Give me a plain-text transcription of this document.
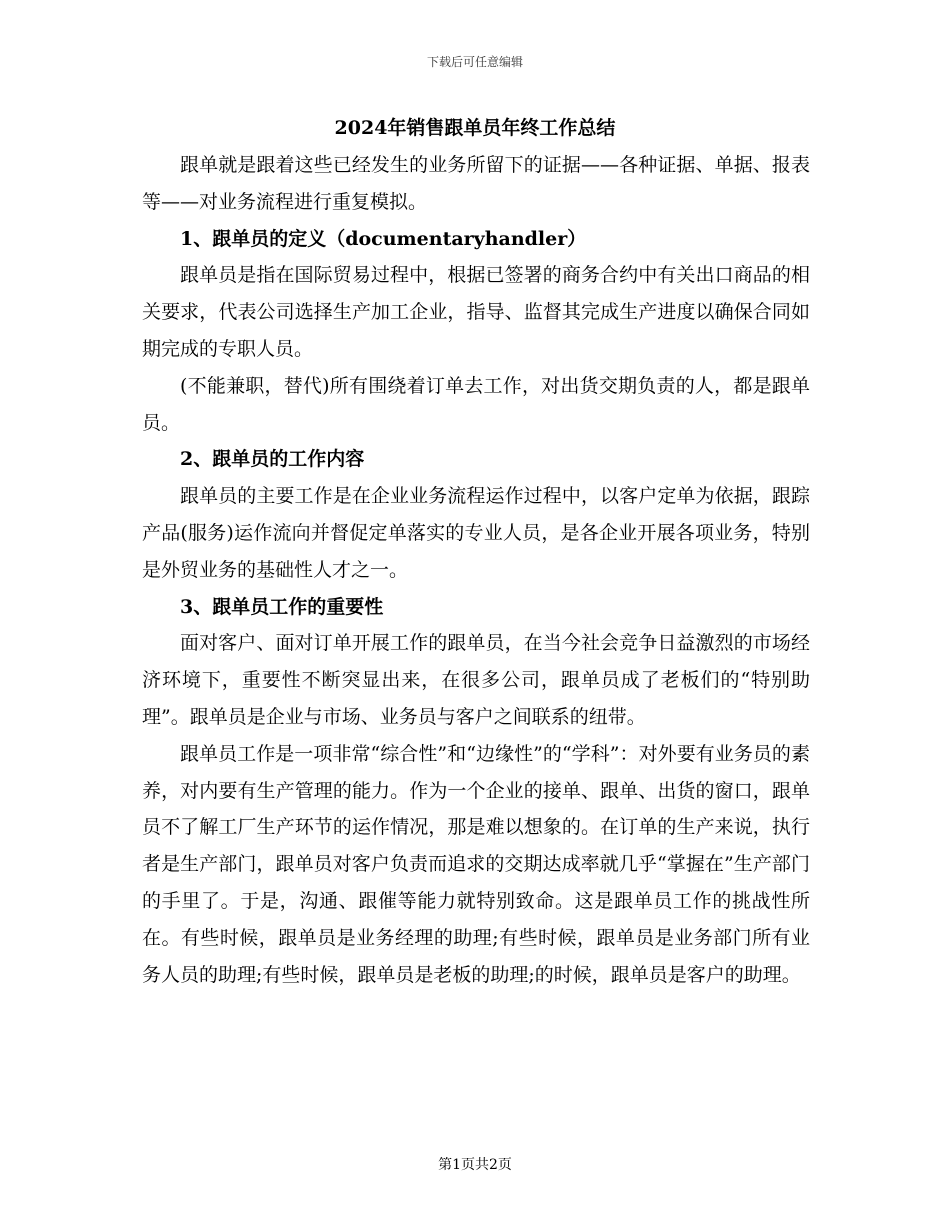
下载后可任意编辑
2024年销售跟单员年终工作总结

跟单就是跟着这些已经发生的业务所留下的证据——各种证据、单据、报表等——对业务流程进行重复模拟。

1、跟单员的定义（documentaryhandler）

跟单员是指在国际贸易过程中，根据已签署的商务合约中有关出口商品的相关要求，代表公司选择生产加工企业，指导、监督其完成生产进度以确保合同如期完成的专职人员。

(不能兼职，替代)所有围绕着订单去工作，对出货交期负责的人，都是跟单员。

2、跟单员的工作内容

跟单员的主要工作是在企业业务流程运作过程中，以客户定单为依据，跟踪产品(服务)运作流向并督促定单落实的专业人员，是各企业开展各项业务，特别是外贸业务的基础性人才之一。

3、跟单员工作的重要性

面对客户、面对订单开展工作的跟单员，在当今社会竞争日益激烈的市场经济环境下，重要性不断突显出来，在很多公司，跟单员成了老板们的“特别助理”。跟单员是企业与市场、业务员与客户之间联系的纽带。

跟单员工作是一项非常“综合性”和“边缘性”的“学科”：对外要有业务员的素养，对内要有生产管理的能力。作为一个企业的接单、跟单、出货的窗口，跟单员不了解工厂生产环节的运作情况，那是难以想象的。在订单的生产来说，执行者是生产部门，跟单员对客户负责而追求的交期达成率就几乎“掌握在”生产部门的手里了。于是，沟通、跟催等能力就特别致命。这是跟单员工作的挑战性所在。有些时候，跟单员是业务经理的助理;有些时候，跟单员是业务部门所有业务人员的助理;有些时候，跟单员是老板的助理;的时候，跟单员是客户的助理。

第1页共2页
